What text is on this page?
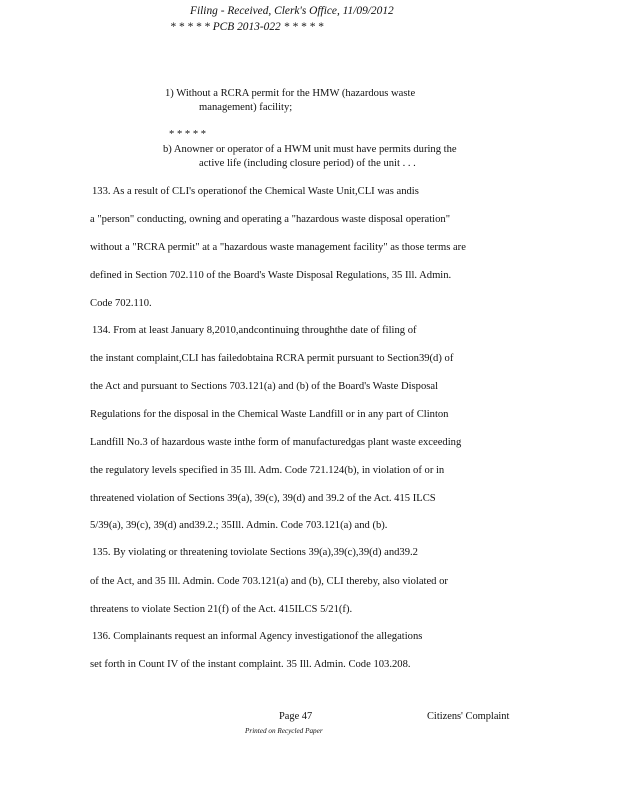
Filing - Received, Clerk's Office, 11/09/2012
* * * * * PCB 2013-022 * * * * *
1) Without a RCRA permit for the HMW (hazardous waste
management) facility;
* * * * *
b) Anowner or operator of a HWM unit must have permits during the
active life (including closure period) of the unit . . .
133. As a result of CLI's operationof the Chemical Waste Unit,CLI was andis
a "person" conducting, owning and operating a "hazardous waste disposal operation"
without a "RCRA permit" at a "hazardous waste management facility" as those terms are
defined in Section 702.110 of the Board's Waste Disposal Regulations, 35 Ill. Admin.
Code 702.110.
134. From at least January 8,2010,andcontinuing throughthe date of filing of
the instant complaint,CLI has failedobtaina RCRA permit pursuant to Section39(d) of
the Act and pursuant to Sections 703.121(a) and (b) of the Board's Waste Disposal
Regulations for the disposal in the Chemical Waste Landfill or in any part of Clinton
Landfill No.3 of hazardous waste inthe form of manufacturedgas plant waste exceeding
the regulatory levels specified in 35 Ill. Adm. Code 721.124(b), in violation of or in
threatened violation of Sections 39(a), 39(c), 39(d) and 39.2 of the Act. 415 ILCS
5/39(a), 39(c), 39(d) and39.2.; 35Ill. Admin. Code 703.121(a) and (b).
135. By violating or threatening toviolate Sections 39(a),39(c),39(d) and39.2
of the Act, and 35 Ill. Admin. Code 703.121(a) and (b), CLI thereby, also violated or
threatens to violate Section 21(f) of the Act. 415ILCS 5/21(f).
136. Complainants request an informal Agency investigationof the allegations
set forth in Count IV of the instant complaint. 35 Ill. Admin. Code 103.208.
Page 47	Citizens' Complaint
Printed on Recycled Paper
